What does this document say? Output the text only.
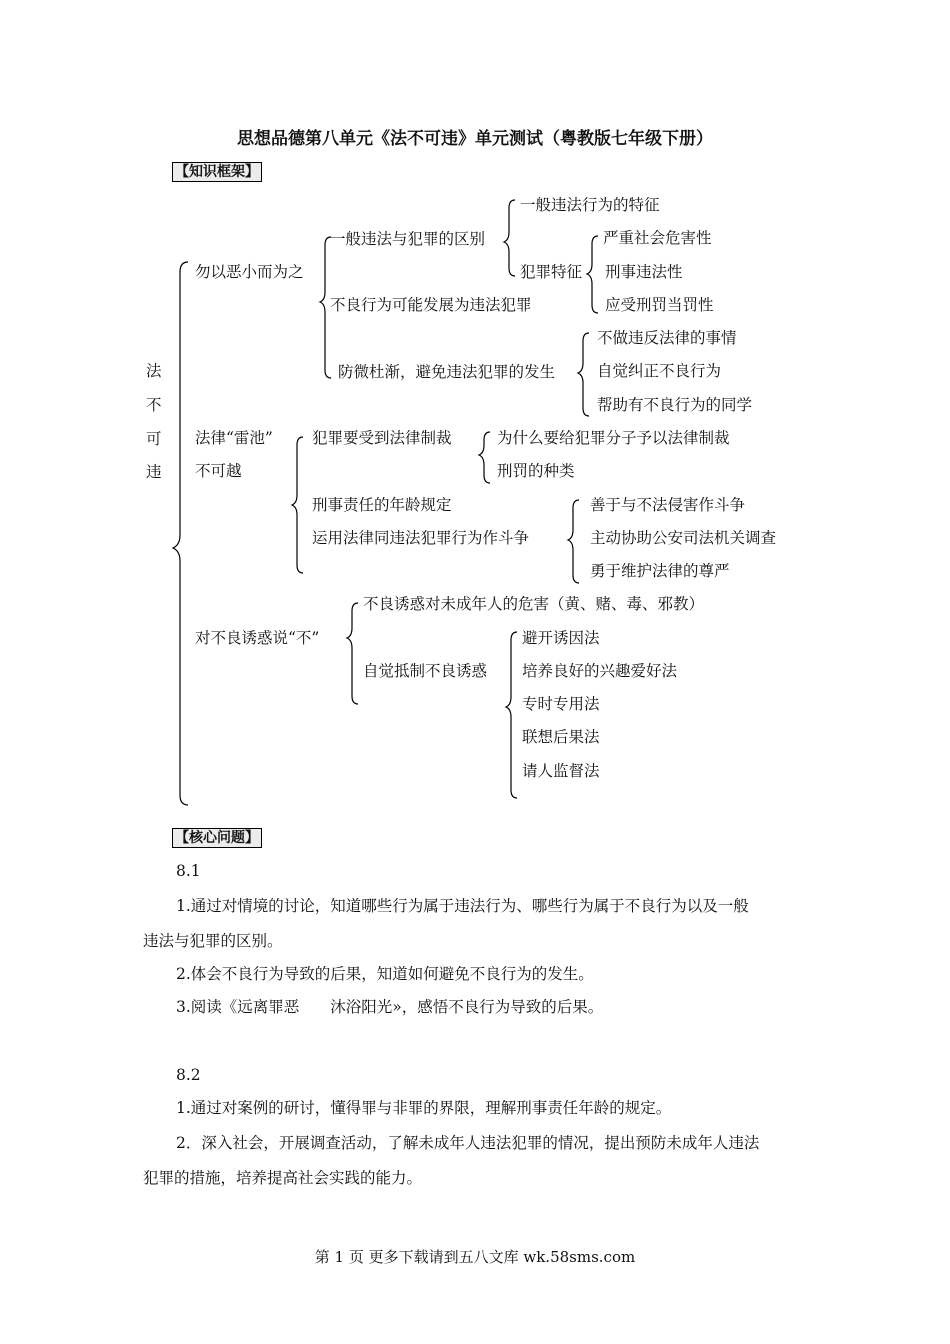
思想品德第八单元《法不可违》单元测试（粤教版七年级下册）
【知识框架】
法
不
可
违
勿以恶小而为之
一般违法与犯罪的区别
一般违法行为的特征
犯罪特征
严重社会危害性
刑事违法性
应受刑罚当罚性
不良行为可能发展为违法犯罪
防微杜渐，避免违法犯罪的发生
不做违反法律的事情
自觉纠正不良行为
帮助有不良行为的同学
法律“雷池”
不可越
犯罪要受到法律制裁	为什么要给犯罪分子予以法律制裁
刑罚的种类
刑事责任的年龄规定
运用法律同违法犯罪行为作斗争
善于与不法侵害作斗争
主动协助公安司法机关调查
勇于维护法律的尊严
对不良诱惑说“不”
不良诱惑对未成年人的危害（黄、赌、毒、邪教）
自觉抵制不良诱惑
避开诱因法
培养良好的兴趣爱好法
专时专用法
联想后果法
请人监督法
【核心问题】
8.1
1.通过对情境的讨论，知道哪些行为属于违法行为、哪些行为属于不良行为以及一般
违法与犯罪的区别。
2.体会不良行为导致的后果，知道如何避免不良行为的发生。
3.阅读《远离罪恶　　沐浴阳光»，感悟不良行为导致的后果。
8.2
1.通过对案例的研讨，懂得罪与非罪的界限，理解刑事责任年龄的规定。
2．深入社会，开展调查活动，了解未成年人违法犯罪的情况，提出预防未成年人违法
犯罪的措施，培养提高社会实践的能力。
第 1 页 更多下载请到五八文库 wk.58sms.com
